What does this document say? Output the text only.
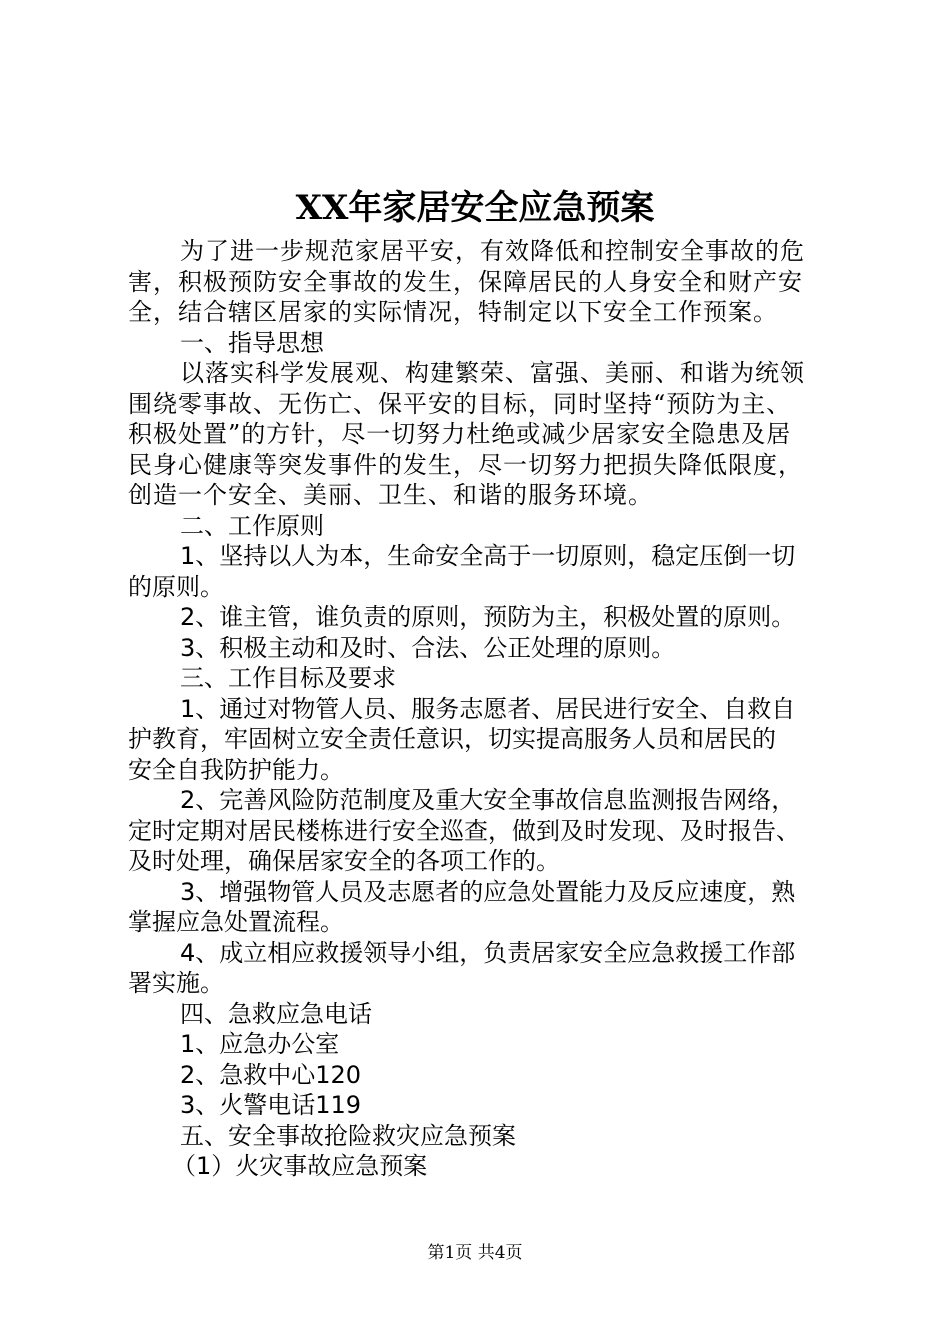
XX年家居安全应急预案
为了进一步规范家居平安，有效降低和控制安全事故的危
害，积极预防安全事故的发生，保障居民的人身安全和财产安
全，结合辖区居家的实际情况，特制定以下安全工作预案。
一、指导思想
以落实科学发展观、构建繁荣、富强、美丽、和谐为统领
围绕零事故、无伤亡、保平安的目标，同时坚持“预防为主、
积极处置”的方针，尽一切努力杜绝或减少居家安全隐患及居
民身心健康等突发事件的发生，尽一切努力把损失降低限度，
创造一个安全、美丽、卫生、和谐的服务环境。
二、工作原则
1、坚持以人为本，生命安全高于一切原则，稳定压倒一切
的原则。
2、谁主管，谁负责的原则，预防为主，积极处置的原则。
3、积极主动和及时、合法、公正处理的原则。
三、工作目标及要求
1、通过对物管人员、服务志愿者、居民进行安全、自救自
护教育，牢固树立安全责任意识，切实提高服务人员和居民的
安全自我防护能力。
2、完善风险防范制度及重大安全事故信息监测报告网络，
定时定期对居民楼栋进行安全巡查，做到及时发现、及时报告、
及时处理，确保居家安全的各项工作的。
3、增强物管人员及志愿者的应急处置能力及反应速度，熟
掌握应急处置流程。
4、成立相应救援领导小组，负责居家安全应急救援工作部
署实施。
四、急救应急电话
1、应急办公室
2、急救中心120
3、火警电话119
五、安全事故抢险救灾应急预案
（1）火灾事故应急预案
第1页 共4页
